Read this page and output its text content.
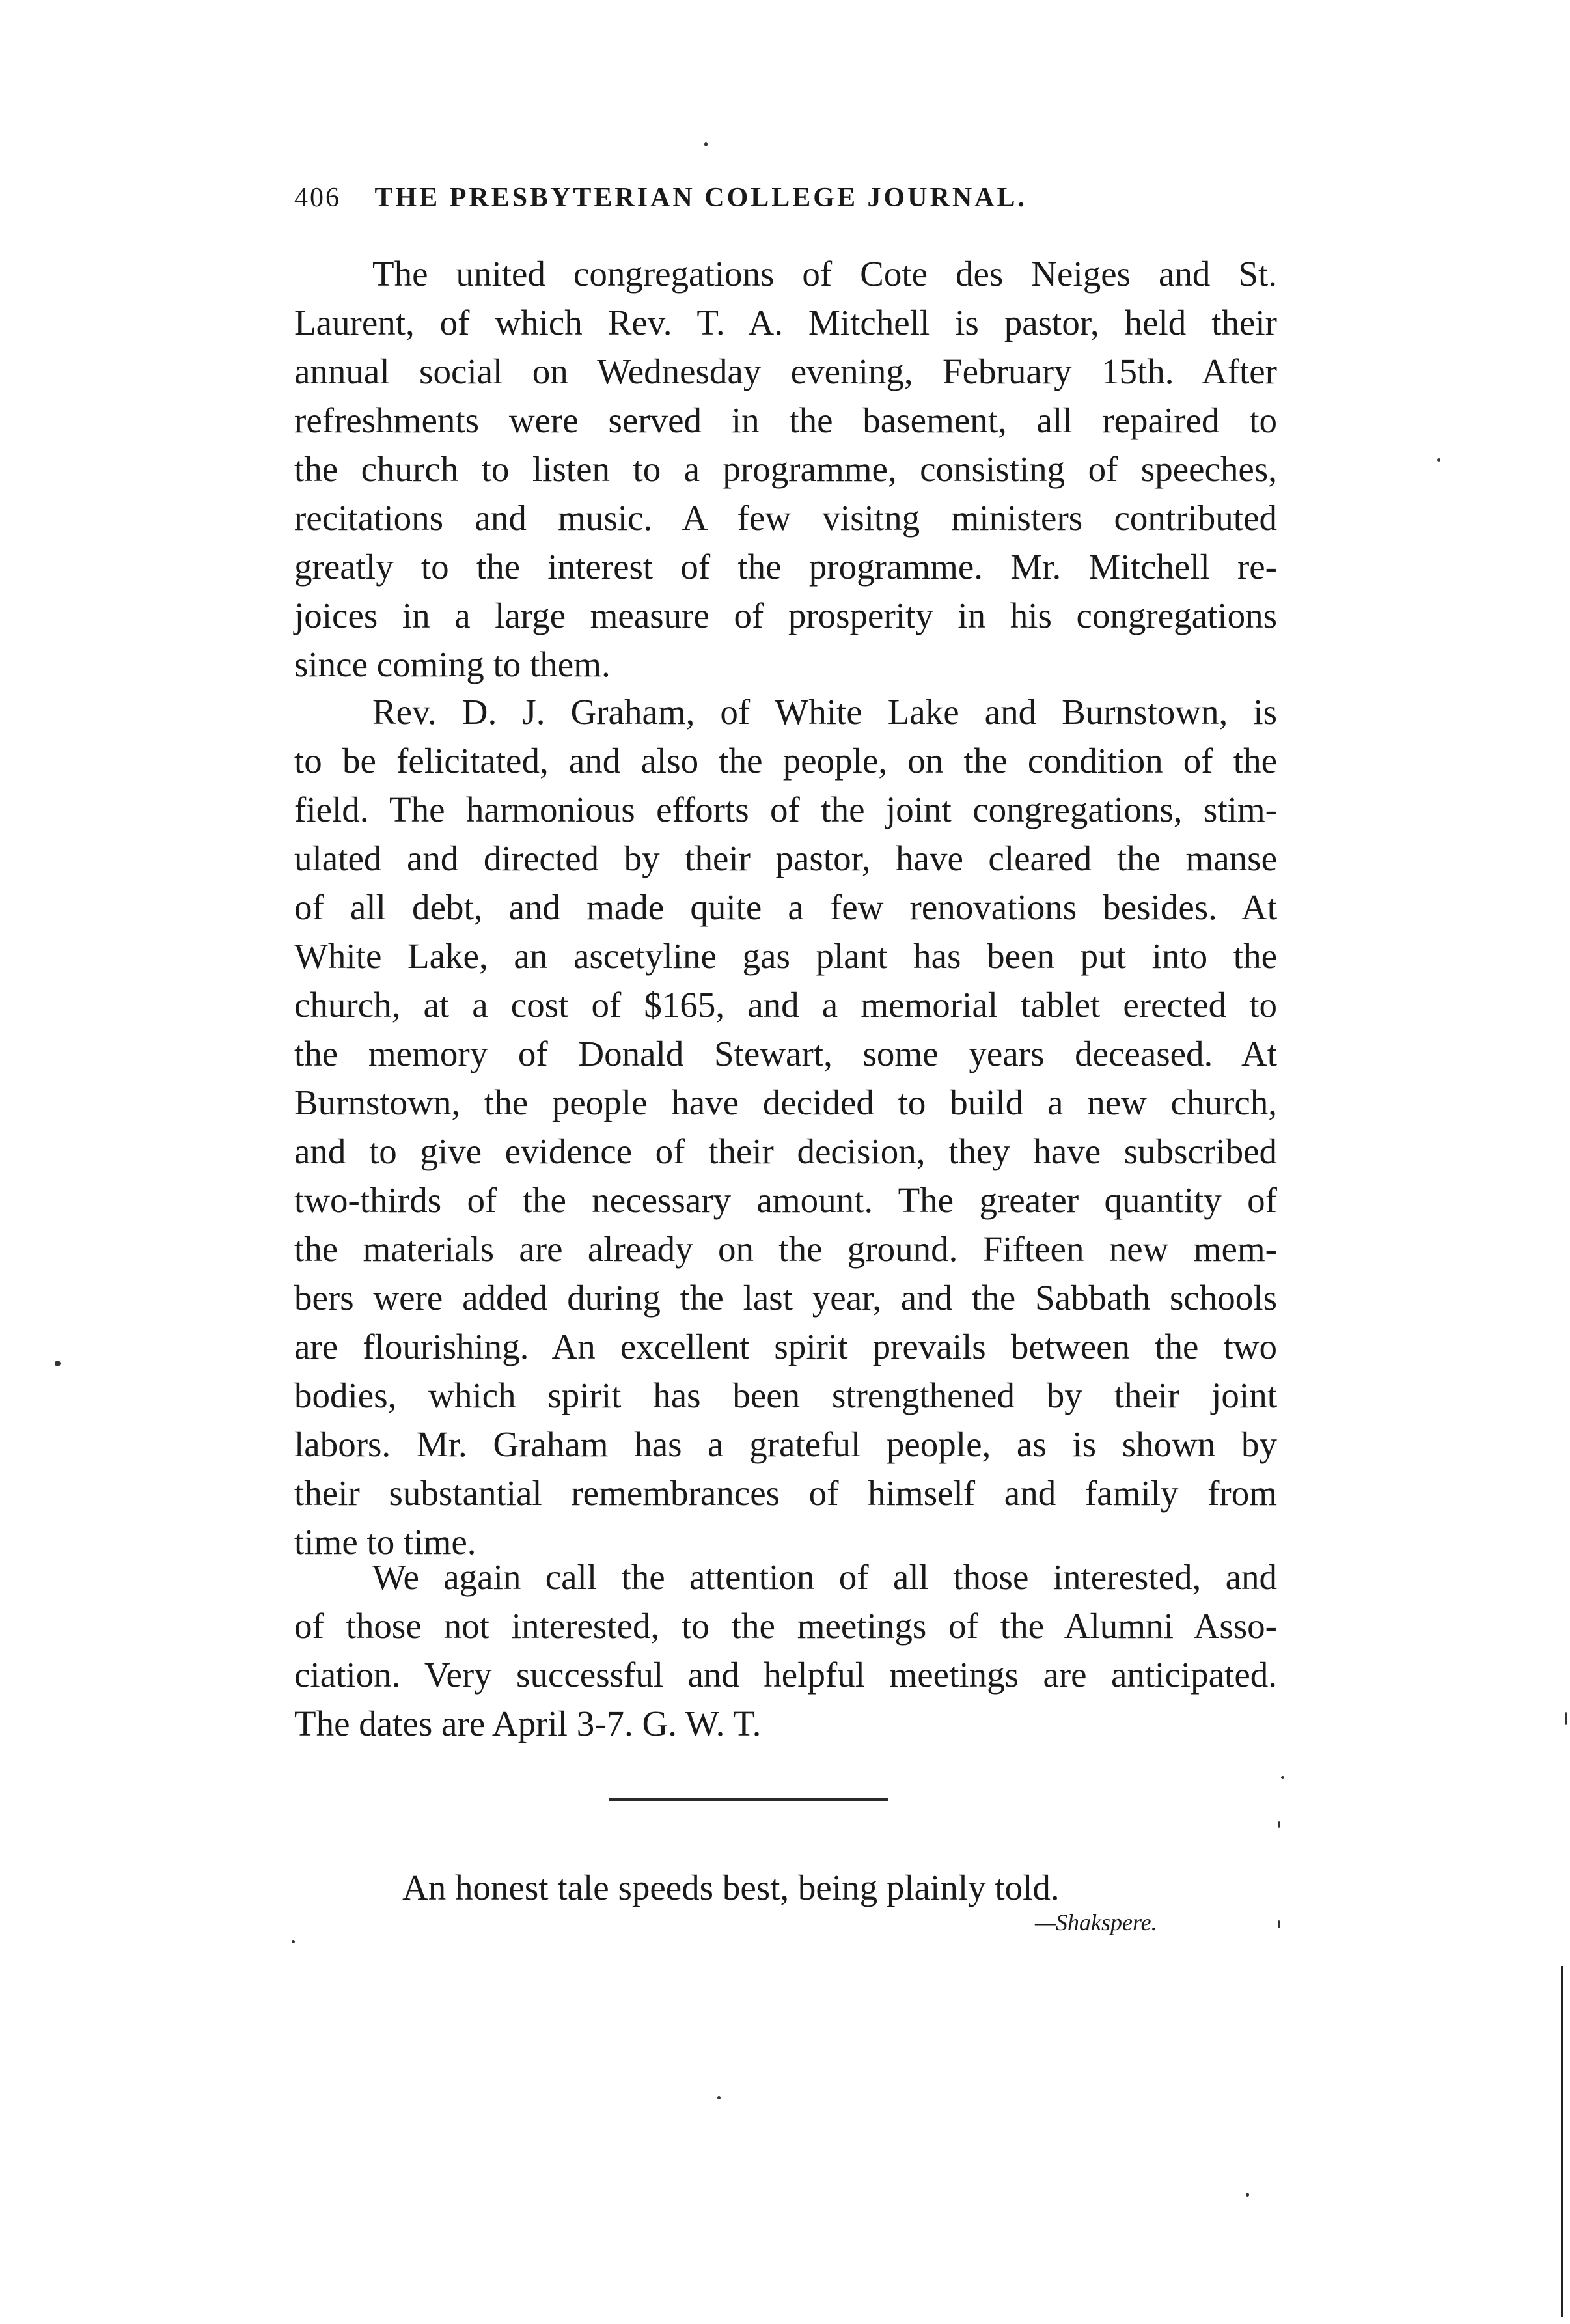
406 THE PRESBYTERIAN COLLEGE JOURNAL.
The united congregations of Cote des Neiges and St.
Laurent, of which Rev. T. A. Mitchell is pastor, held their
annual social on Wednesday evening, February 15th. After
refreshments were served in the basement, all repaired to
the church to listen to a programme, consisting of speeches,
recitations and music. A few visitng ministers contributed
greatly to the interest of the programme. Mr. Mitchell re-
joices in a large measure of prosperity in his congregations
since coming to them.
Rev. D. J. Graham, of White Lake and Burnstown, is
to be felicitated, and also the people, on the condition of the
field. The harmonious efforts of the joint congregations, stim-
ulated and directed by their pastor, have cleared the manse
of all debt, and made quite a few renovations besides. At
White Lake, an ascetyline gas plant has been put into the
church, at a cost of $165, and a memorial tablet erected to
the memory of Donald Stewart, some years deceased. At
Burnstown, the people have decided to build a new church,
and to give evidence of their decision, they have subscribed
two-thirds of the necessary amount. The greater quantity of
the materials are already on the ground. Fifteen new mem-
bers were added during the last year, and the Sabbath schools
are flourishing. An excellent spirit prevails between the two
bodies, which spirit has been strengthened by their joint
labors. Mr. Graham has a grateful people, as is shown by
their substantial remembrances of himself and family from
time to time.
We again call the attention of all those interested, and
of those not interested, to the meetings of the Alumni Asso-
ciation. Very successful and helpful meetings are anticipated.
The dates are April 3-7. G. W. T.
An honest tale speeds best, being plainly told.
—Shakspere.
